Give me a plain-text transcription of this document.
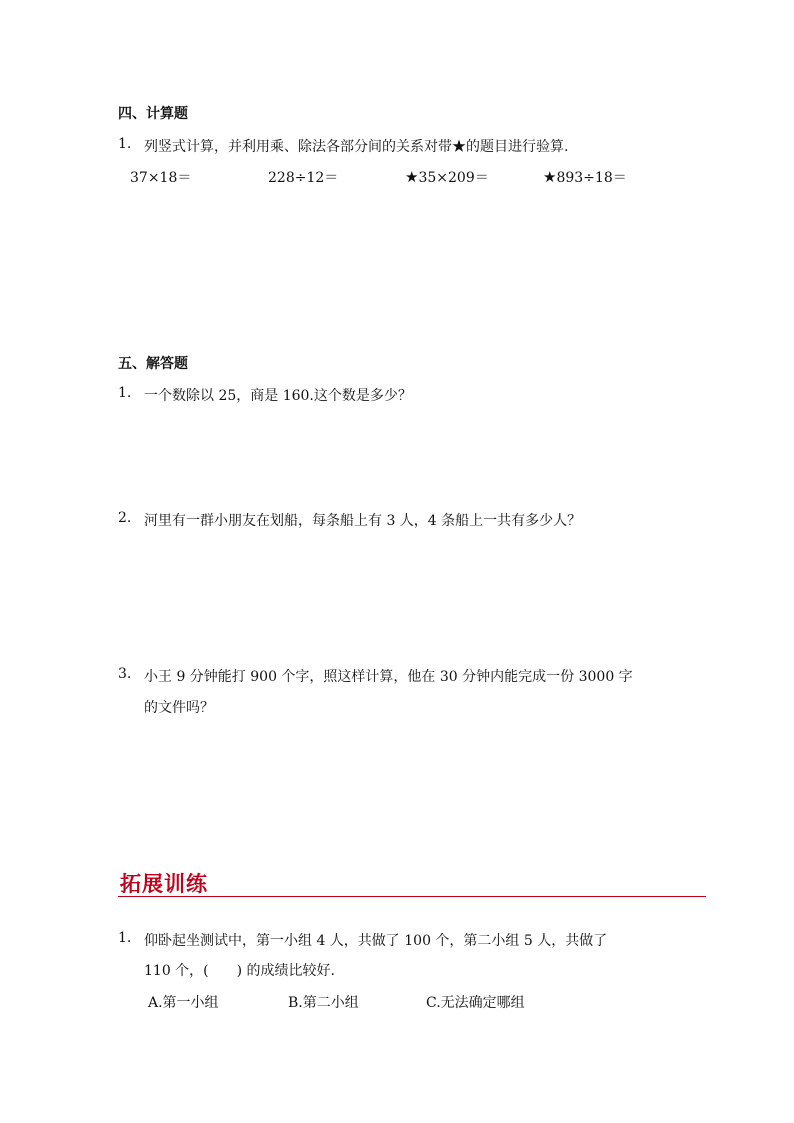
四、计算题
1. 列竖式计算，并利用乘、除法各部分间的关系对带★的题目进行验算.
37×18＝	228÷12＝	★35×209＝	★893÷18＝
五、解答题
1. 一个数除以 25，商是 160.这个数是多少？
2. 河里有一群小朋友在划船，每条船上有 3 人，4 条船上一共有多少人？
3. 小王 9 分钟能打 900 个字，照这样计算，他在 30 分钟内能完成一份 3000 字
的文件吗？
拓展训练
1. 仰卧起坐测试中，第一小组 4 人，共做了 100 个，第二小组 5 人，共做了
110 个，(　　) 的成绩比较好.
A.第一小组	B.第二小组	C.无法确定哪组
